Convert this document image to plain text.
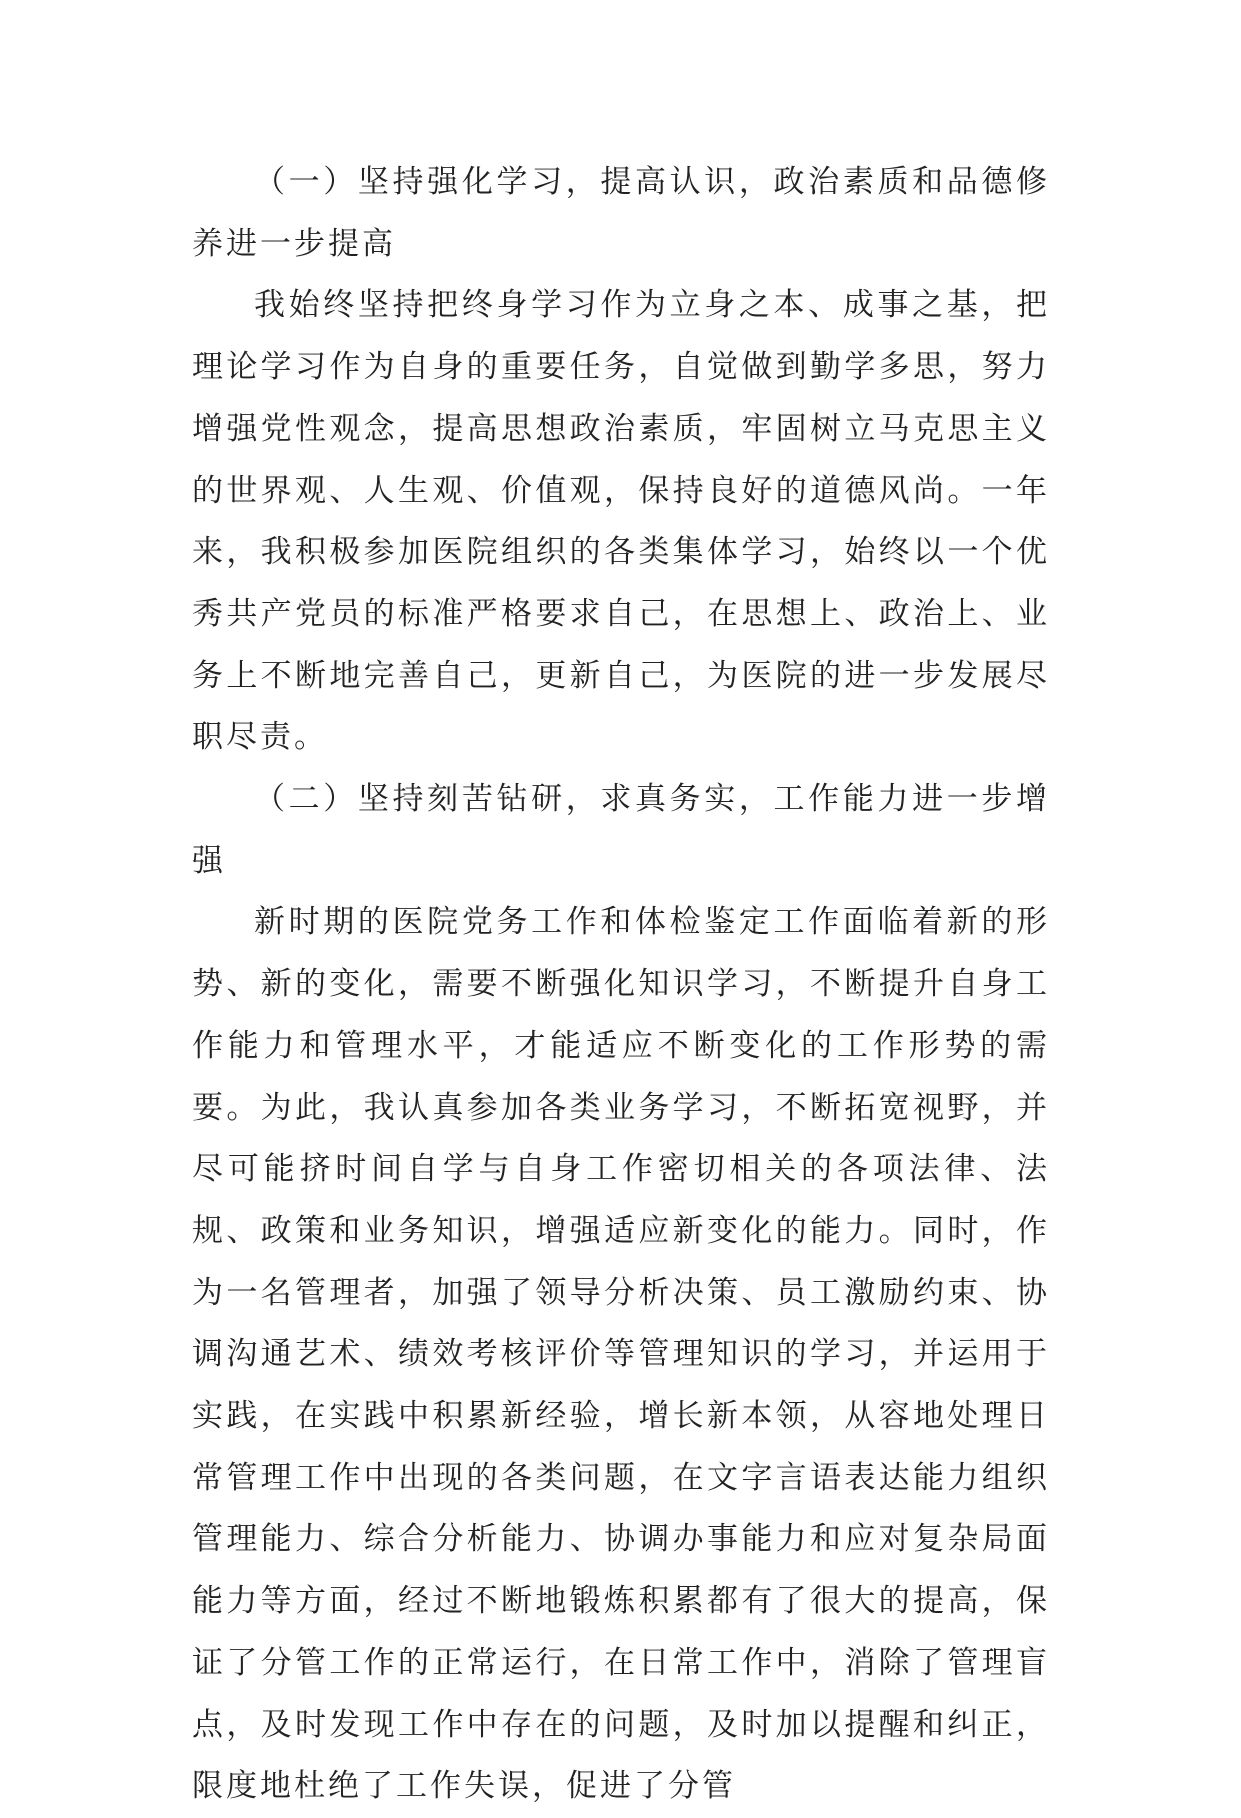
（一）坚持强化学习，提高认识，政治素质和品德修养进一步提高

我始终坚持把终身学习作为立身之本、成事之基，把理论学习作为自身的重要任务，自觉做到勤学多思，努力增强党性观念，提高思想政治素质，牢固树立马克思主义的世界观、人生观、价值观，保持良好的道德风尚。一年来，我积极参加医院组织的各类集体学习，始终以一个优秀共产党员的标准严格要求自己，在思想上、政治上、业务上不断地完善自己，更新自己，为医院的进一步发展尽职尽责。

（二）坚持刻苦钻研，求真务实，工作能力进一步增强

新时期的医院党务工作和体检鉴定工作面临着新的形势、新的变化，需要不断强化知识学习，不断提升自身工作能力和管理水平，才能适应不断变化的工作形势的需要。为此，我认真参加各类业务学习，不断拓宽视野，并尽可能挤时间自学与自身工作密切相关的各项法律、法规、政策和业务知识，增强适应新变化的能力。同时，作为一名管理者，加强了领导分析决策、员工激励约束、协调沟通艺术、绩效考核评价等管理知识的学习，并运用于实践，在实践中积累新经验，增长新本领，从容地处理日常管理工作中出现的各类问题，在文字言语表达能力组织管理能力、综合分析能力、协调办事能力和应对复杂局面能力等方面，经过不断地锻炼积累都有了很大的提高，保证了分管工作的正常运行，在日常工作中，消除了管理盲点，及时发现工作中存在的问题，及时加以提醒和纠正，限度地杜绝了工作失误，促进了分管
